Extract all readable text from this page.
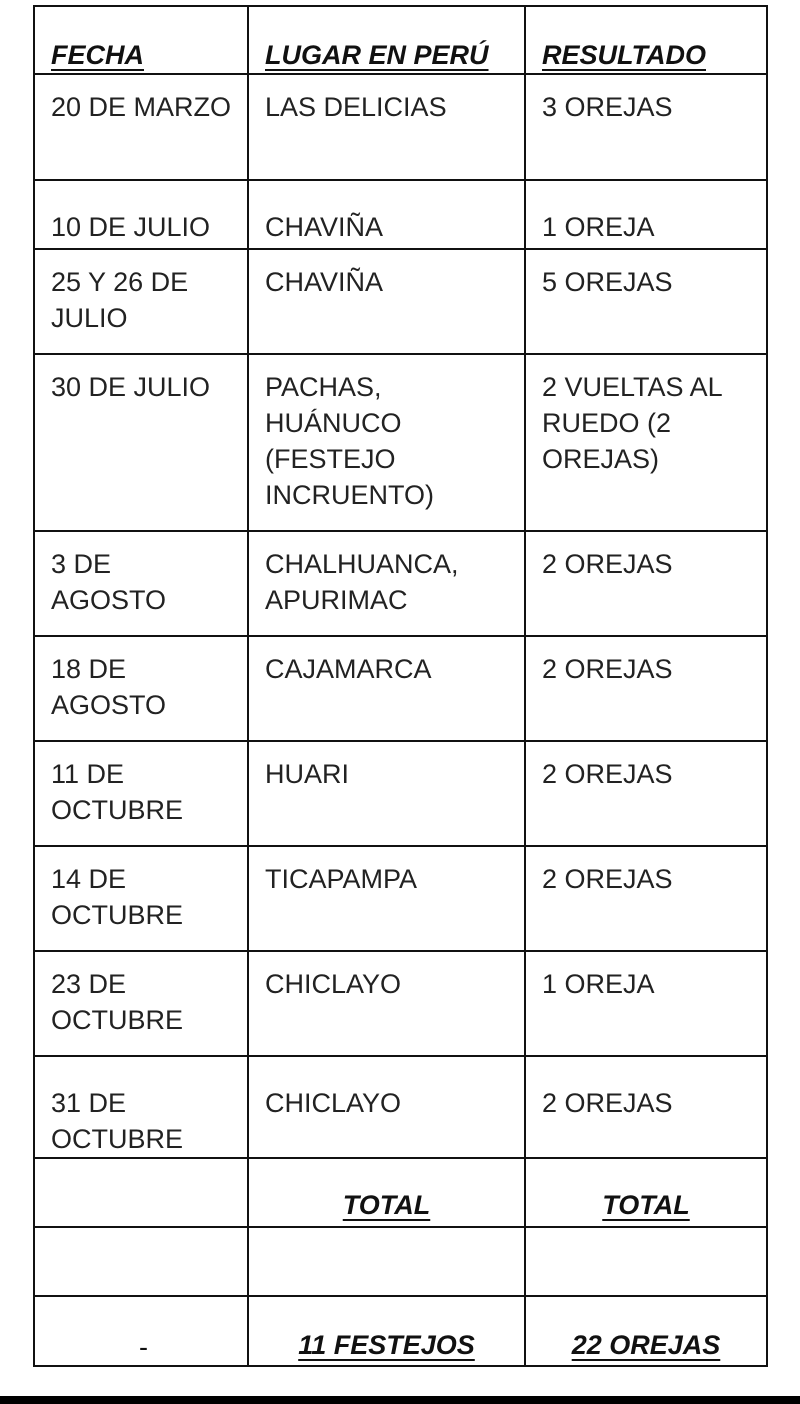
FECHA	LUGAR EN PERÚ	RESULTADO
20 DE MARZO	LAS DELICIAS	3 OREJAS
10 DE JULIO	CHAVIÑA	1 OREJA
25 Y 26 DE JULIO	CHAVIÑA	5 OREJAS
30 DE JULIO	PACHAS, HUÁNUCO (FESTEJO INCRUENTO)	2 VUELTAS AL RUEDO (2 OREJAS)
3 DE AGOSTO	CHALHUANCA, APURIMAC	2 OREJAS
18 DE AGOSTO	CAJAMARCA	2 OREJAS
11 DE OCTUBRE	HUARI	2 OREJAS
14 DE OCTUBRE	TICAPAMPA	2 OREJAS
23 DE OCTUBRE	CHICLAYO	1 OREJA
31 DE OCTUBRE	CHICLAYO	2 OREJAS
	TOTAL	TOTAL

-	11 FESTEJOS	22 OREJAS
